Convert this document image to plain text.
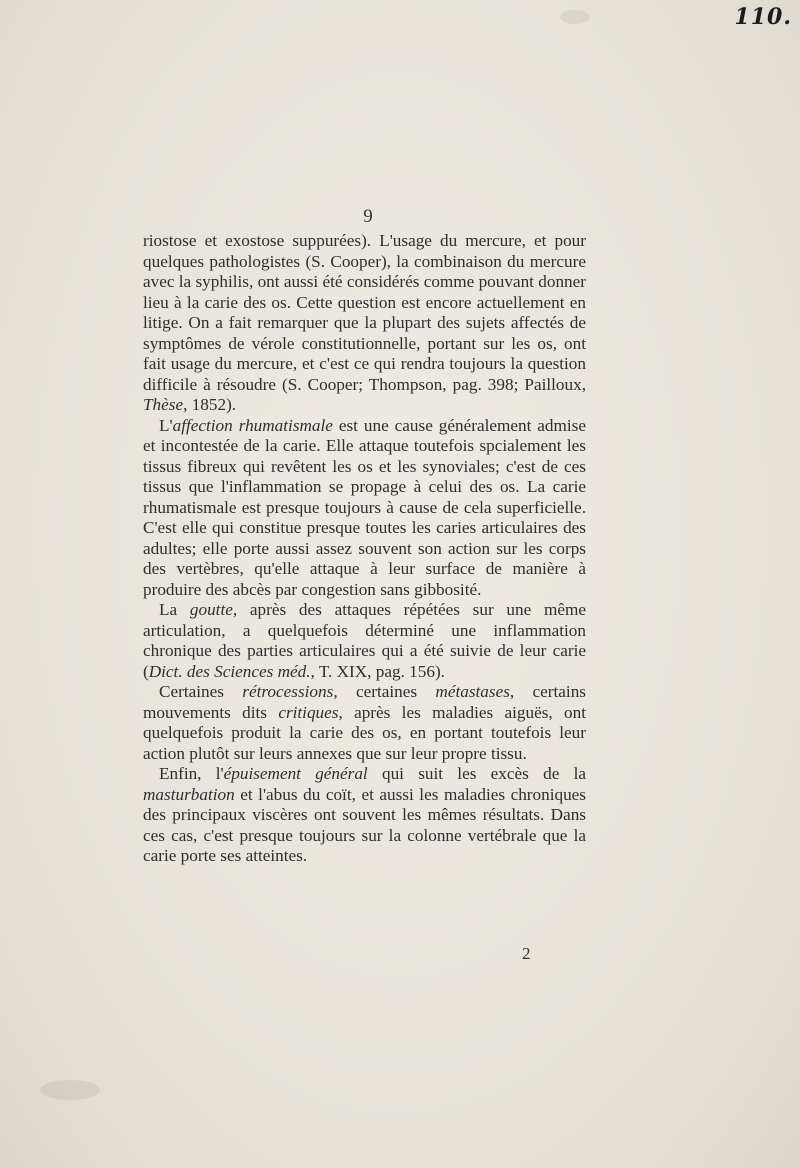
110.
9

riostose et exostose suppurées). L'usage du mercure, et pour quelques pathologistes (S. Cooper), la combinaison du mercure avec la syphilis, ont aussi été considérés comme pouvant donner lieu à la carie des os. Cette question est encore actuellement en litige. On a fait remarquer que la plupart des sujets affectés de symptômes de vérole constitutionnelle, portant sur les os, ont fait usage du mercure, et c'est ce qui rendra toujours la question difficile à résoudre (S. Cooper; Thompson, pag. 398; Pailloux, Thèse, 1852).

L'affection rhumatismale est une cause généralement admise et incontestée de la carie. Elle attaque toutefois spcialement les tissus fibreux qui revêtent les os et les synoviales; c'est de ces tissus que l'inflammation se propage à celui des os. La carie rhumatismale est presque toujours à cause de cela superficielle. C'est elle qui constitue presque toutes les caries articulaires des adultes; elle porte aussi assez souvent son action sur les corps des vertèbres, qu'elle attaque à leur surface de manière à produire des abcès par congestion sans gibbosité.

La goutte, après des attaques répétées sur une même articulation, a quelquefois déterminé une inflammation chronique des parties articulaires qui a été suivie de leur carie (Dict. des Sciences méd., T. XIX, pag. 156).

Certaines rétrocessions, certaines métastases, certains mouvements dits critiques, après les maladies aiguës, ont quelquefois produit la carie des os, en portant toutefois leur action plutôt sur leurs annexes que sur leur propre tissu.

Enfin, l'épuisement général qui suit les excès de la masturbation et l'abus du coït, et aussi les maladies chroniques des principaux viscères ont souvent les mêmes résultats. Dans ces cas, c'est presque toujours sur la colonne vertébrale que la carie porte ses atteintes.

2
